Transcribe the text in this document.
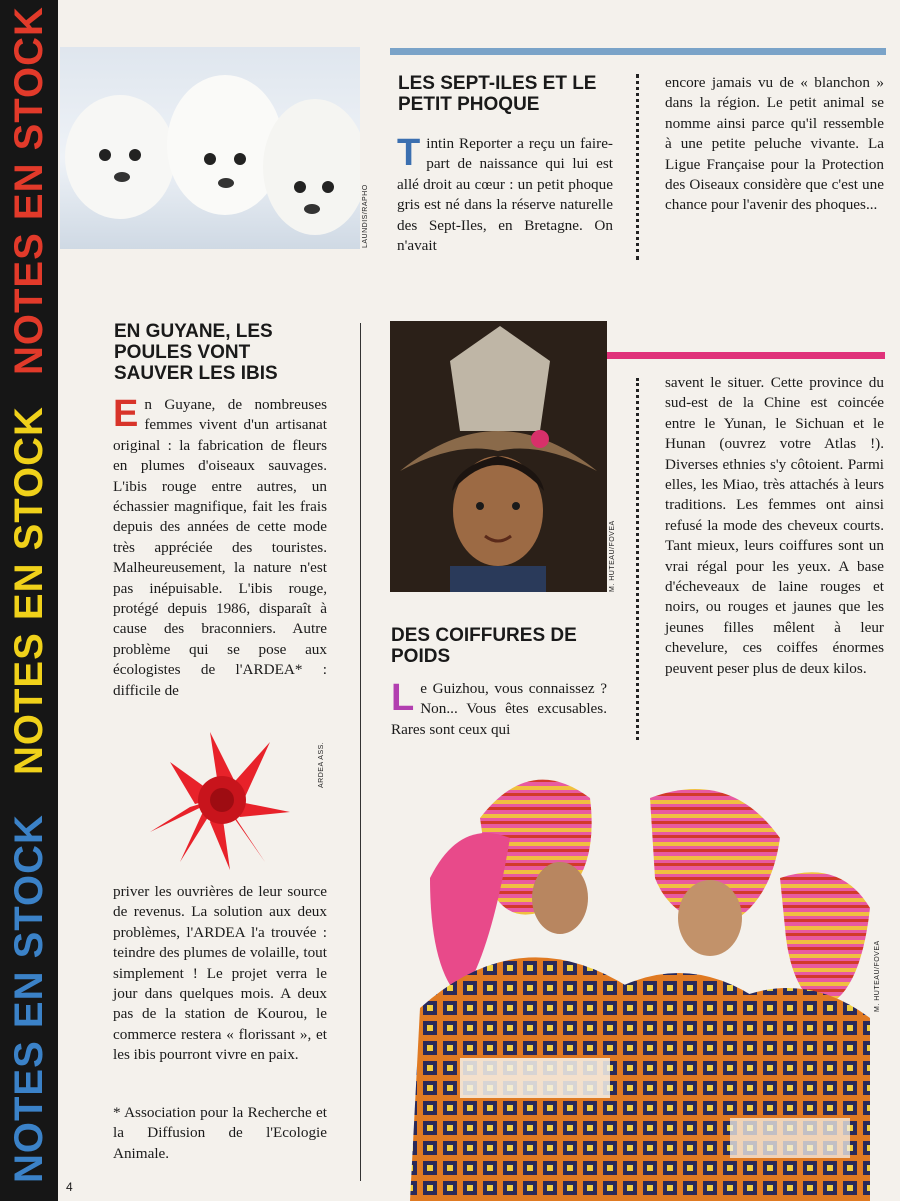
NOTES EN STOCK
NOTES EN STOCK
NOTES EN STOCK
4
LAUNDIS/RAPHO
LES SEPT-ILES ET LE PETIT PHOQUE

Tintin Reporter a reçu un faire-part de naissance qui lui est allé droit au cœur : un petit phoque gris est né dans la réserve naturelle des Sept-Iles, en Bretagne. On n'avait

encore jamais vu de « blanchon » dans la région. Le petit animal se nomme ainsi parce qu'il ressemble à une petite peluche vivante. La Ligue Française pour la Protection des Oiseaux considère que c'est une chance pour l'avenir des phoques...

EN GUYANE, LES POULES VONT SAUVER LES IBIS

En Guyane, de nombreuses femmes vivent d'un artisanat original : la fabrication de fleurs en plumes d'oiseaux sauvages. L'ibis rouge entre autres, un échassier magnifique, fait les frais depuis des années de cette mode très appréciée des touristes. Malheureusement, la nature n'est pas inépuisable. L'ibis rouge, protégé depuis 1986, disparaît à cause des braconniers. Autre problème qui se pose aux écologistes de l'ARDEA* : difficile de

ARDEA ASS.

priver les ouvrières de leur source de revenus. La solution aux deux problèmes, l'ARDEA l'a trouvée : teindre des plumes de volaille, tout simplement ! Le projet verra le jour dans quelques mois. A deux pas de la station de Kourou, le commerce restera « florissant », et les ibis pourront vivre en paix.

* Association pour la Recherche et la Diffusion de l'Ecologie Animale.

M. HUTEAU/FOVEA
DES COIFFURES DE POIDS

Le Guizhou, vous connaissez ? Non... Vous êtes excusables. Rares sont ceux qui

savent le situer. Cette province du sud-est de la Chine est coincée entre le Yunan, le Sichuan et le Hunan (ouvrez votre Atlas !). Diverses ethnies s'y côtoient. Parmi elles, les Miao, très attachés à leurs traditions. Les femmes ont ainsi refusé la mode des cheveux courts. Tant mieux, leurs coiffures sont un vrai régal pour les yeux. A base d'écheveaux de laine rouges et noirs, ou rouges et jaunes que les jeunes filles mêlent à leur chevelure, ces coiffes énormes peuvent peser plus de deux kilos.

M. HUTEAU/FOVEA
